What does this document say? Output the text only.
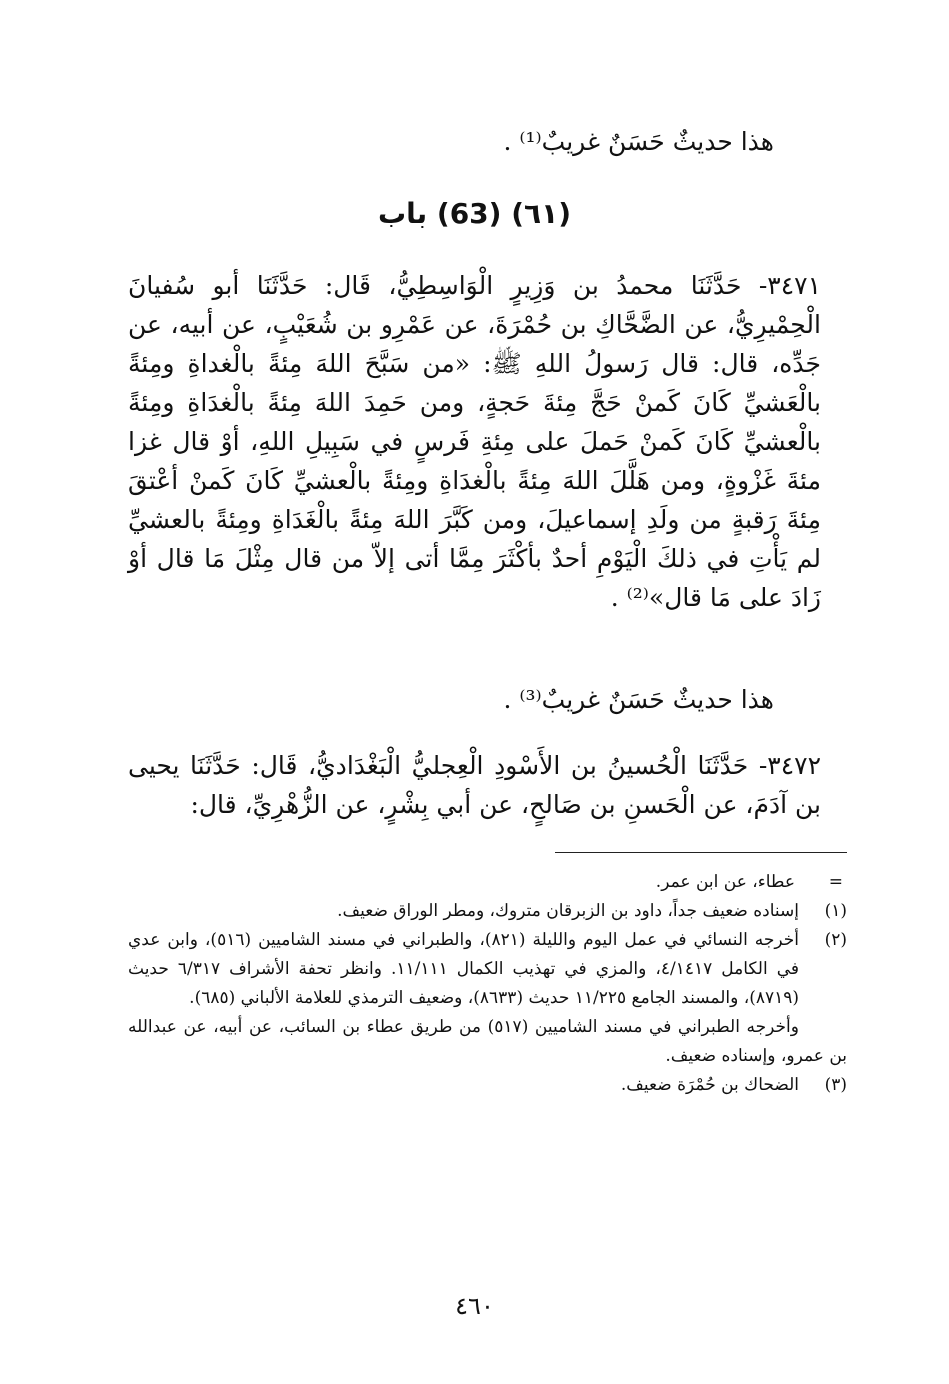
هذا حديثٌ حَسَنٌ غريبٌ⁽¹⁾ .
(٦١) (63) باب
٣٤٧١- حَدَّثَنَا محمدُ بن وَزِيرٍ الْوَاسِطِيُّ، قَال: حَدَّثَنَا أبو سُفيانَ الْحِمْيرِيُّ، عن الضَّحَّاكِ بن حُمْرَةَ، عن عَمْرِو بن شُعَيْبٍ، عن أبيه، عن جَدِّه، قال: قال رَسولُ اللهِ ﷺ: «من سَبَّحَ اللهَ مِئةً بالْغداةِ ومِئةً بالْعَشيِّ كَانَ كَمنْ حَجَّ مِئةَ حَجةٍ، ومن حَمِدَ اللهَ مِئةً بالْغدَاةِ ومِئةً بالْعشيِّ كَانَ كَمنْ حَملَ على مِئةِ فَرسٍ في سَبِيلِ اللهِ، أوْ قال غزا مئةَ غَزْوةٍ، ومن هَلَّلَ اللهَ مِئةً بالْغدَاةِ ومِئةً بالْعشيِّ كَانَ كَمنْ أعْتقَ مِئةَ رَقبةٍ من ولَدِ إسماعيلَ، ومن كَبَّرَ اللهَ مِئةً بالْغَدَاةِ ومِئةً بالعشيِّ لم يَأْتِ في ذلكَ الْيَوْمِ أحدٌ بأكْثَرَ مِمَّا أتى إلاّ من قال مِثْلَ مَا قال أوْ زَادَ على مَا قال»⁽²⁾ .
هذا حديثٌ حَسَنٌ غريبٌ⁽³⁾ .
٣٤٧٢- حَدَّثَنَا الْحُسينُ بن الأَسْودِ الْعِجليُّ الْبَغْدَاديُّ، قَال: حَدَّثَنَا يحيى بن آدَمَ، عن الْحَسنِ بن صَالحٍ، عن أبي بِشْرٍ، عن الزُّهْرِيِّ، قال:
=
عطاء، عن ابن عمر.
(١)
إسناده ضعيف جداً، داود بن الزبرقان متروك، ومطر الوراق ضعيف.
(٢)
أخرجه النسائي في عمل اليوم والليلة (٨٢١)، والطبراني في مسند الشاميين (٥١٦)، وابن عدي في الكامل ٤/١٤١٧، والمزي في تهذيب الكمال ١١/١١١. وانظر تحفة الأشراف ٦/٣١٧ حديث (٨٧١٩)، والمسند الجامع ١١/٢٢٥ حديث (٨٦٣٣)، وضعيف الترمذي للعلامة الألباني (٦٨٥).
وأخرجه الطبراني في مسند الشاميين (٥١٧) من طريق عطاء بن السائب، عن أبيه، عن عبدالله بن عمرو، وإسناده ضعيف.
(٣)
الضحاك بن حُمْرَة ضعيف.
٤٦٠
